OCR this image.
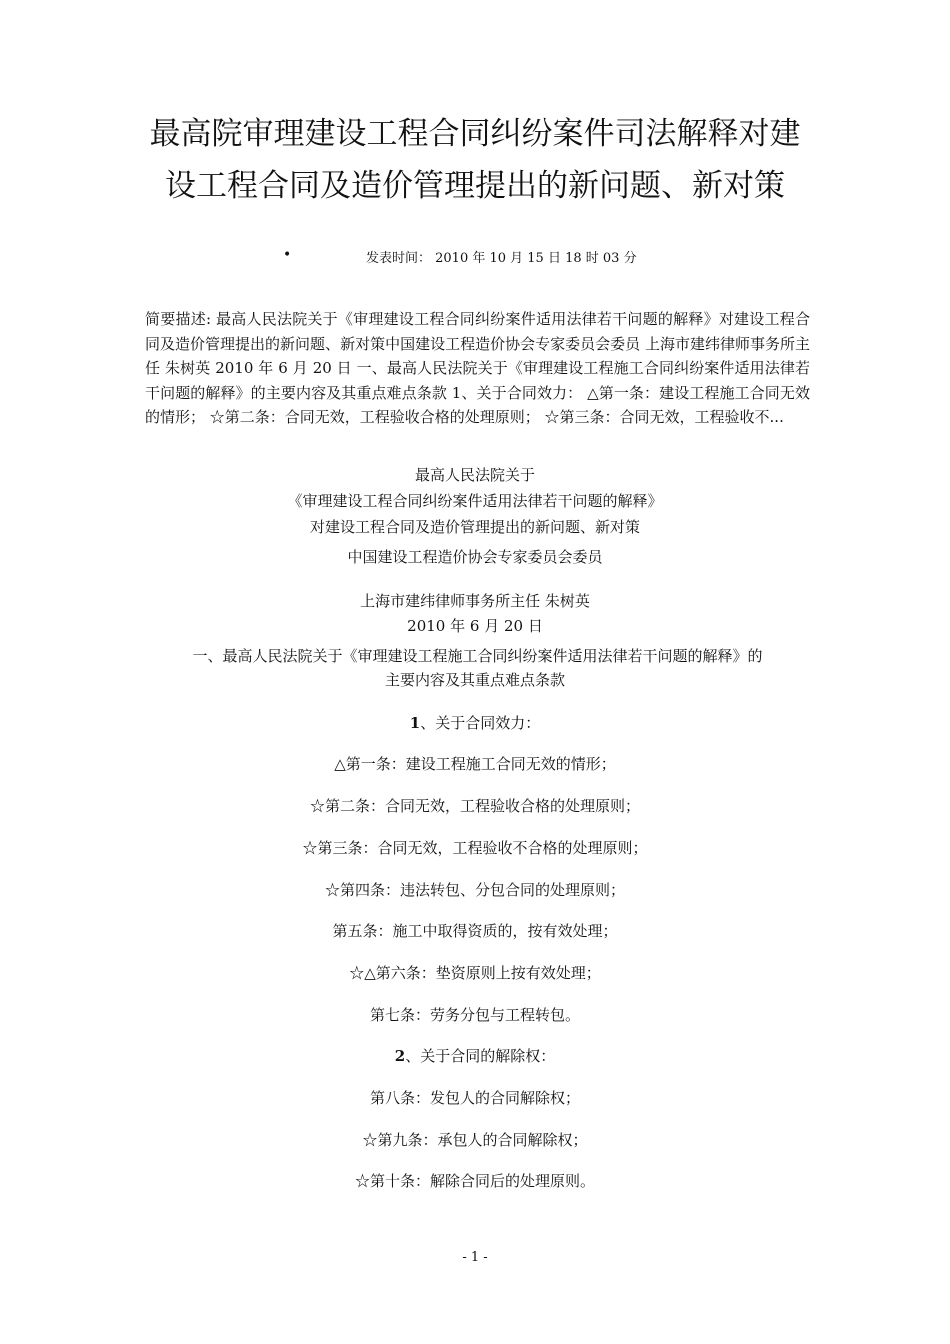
最高院审理建设工程合同纠纷案件司法解释对建
设工程合同及造价管理提出的新问题、新对策
•	发表时间： 2010 年 10 月 15 日 18 时 03 分
简要描述: 最高人民法院关于《审理建设工程合同纠纷案件适用法律若干问题的解释》对建设工程合同及造价管理提出的新问题、新对策中国建设工程造价协会专家委员会委员 上海市建纬律师事务所主任 朱树英 2010 年 6 月 20 日 一、最高人民法院关于《审理建设工程施工合同纠纷案件适用法律若干问题的解释》的主要内容及其重点难点条款 1、关于合同效力： △第一条：建设工程施工合同无效的情形； ☆第二条：合同无效，工程验收合格的处理原则； ☆第三条：合同无效，工程验收不...
最高人民法院关于
《审理建设工程合同纠纷案件适用法律若干问题的解释》
对建设工程合同及造价管理提出的新问题、新对策
中国建设工程造价协会专家委员会委员
上海市建纬律师事务所主任 朱树英
2010 年 6 月 20 日
一、最高人民法院关于《审理建设工程施工合同纠纷案件适用法律若干问题的解释》的
主要内容及其重点难点条款
1、关于合同效力：
△第一条：建设工程施工合同无效的情形；
☆第二条：合同无效，工程验收合格的处理原则；
☆第三条：合同无效，工程验收不合格的处理原则；
☆第四条：违法转包、分包合同的处理原则；
第五条：施工中取得资质的，按有效处理；
☆△第六条：垫资原则上按有效处理；
第七条：劳务分包与工程转包。
2、关于合同的解除权：
第八条：发包人的合同解除权；
☆第九条：承包人的合同解除权；
☆第十条：解除合同后的处理原则。
- 1 -
